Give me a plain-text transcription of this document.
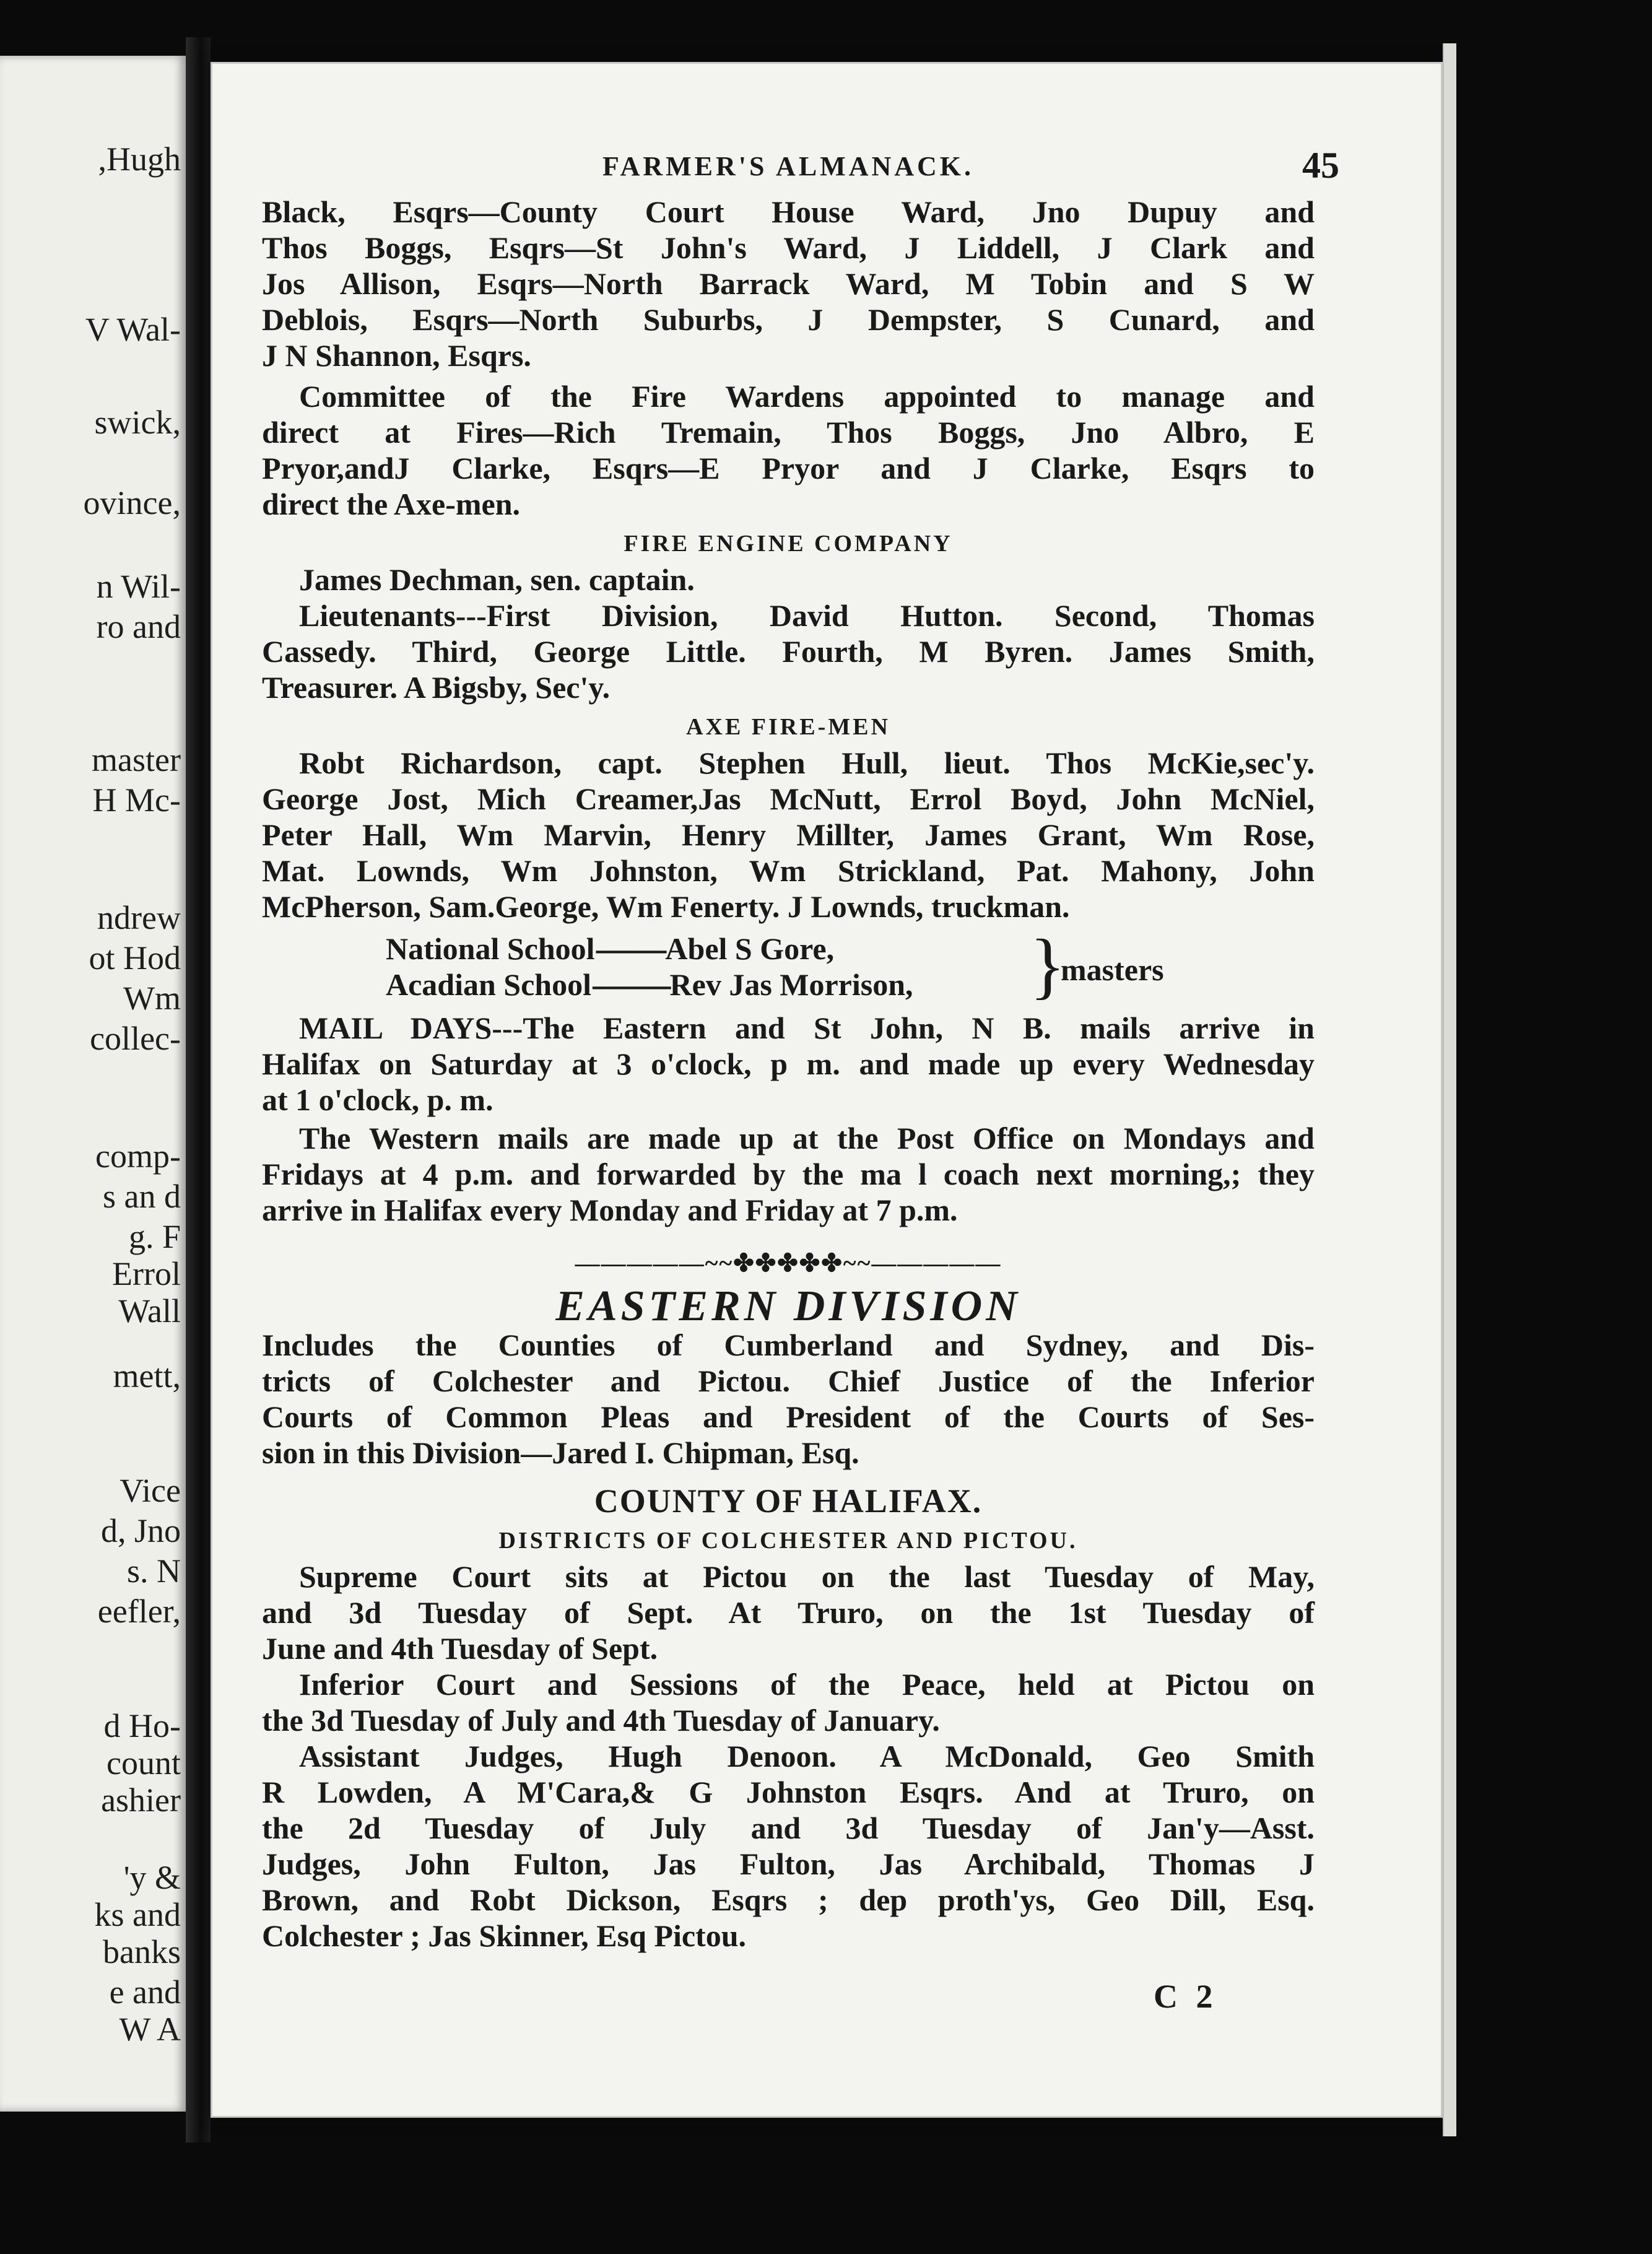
,Hugh
V Wal-
swick,
ovince,
n Wil-
ro and
master
H Mc-
ndrew
ot Hod
Wm
collec-
comp-
s an d
g. F
Errol
Wall
mett,
Vice
d, Jno
s. N
eefler,
d Ho-
count
ashier
'y &
ks and
banks
e and
W A
FARMER'S ALMANACK.	45

Black, Esqrs—County Court House Ward, Jno Dupuy and

Thos Boggs, Esqrs—St John's Ward, J Liddell, J Clark and

Jos Allison, Esqrs—North Barrack Ward, M Tobin and S W

Deblois, Esqrs—North Suburbs, J Dempster, S Cunard, and

J N Shannon, Esqrs.

Committee of the Fire Wardens appointed to manage and

direct at Fires—Rich Tremain, Thos Boggs, Jno Albro, E

Pryor,andJ Clarke, Esqrs—E Pryor and J Clarke, Esqrs to

direct the Axe-men.

FIRE ENGINE COMPANY

James Dechman, sen. captain.

Lieutenants---First Division, David Hutton. Second, Thomas

Cassedy. Third, George Little. Fourth, M Byren. James Smith,

Treasurer. A Bigsby, Sec'y.

AXE FIRE-MEN

Robt Richardson, capt. Stephen Hull, lieut. Thos McKie,sec'y.

George Jost, Mich Creamer,Jas McNutt, Errol Boyd, John McNiel,

Peter Hall, Wm Marvin, Henry Millter, James Grant, Wm Rose,

Mat. Lownds, Wm Johnston, Wm Strickland, Pat. Mahony, John

McPherson, Sam.George, Wm Fenerty. J Lownds, truckman.

National School---------Abel S Gore,
Acadian School----------Rev Jas Morrison, }
masters

MAIL DAYS---The Eastern and St John, N B. mails arrive in

Halifax on Saturday at 3 o'clock, p m. and made up every Wednesday

at 1 o'clock, p. m.

The Western mails are made up at the Post Office on Mondays and

Fridays at 4 p.m. and forwarded by the ma l coach next morning,; they

arrive in Halifax every Monday and Friday at 7 p.m.

—————~~✤✤✤✤✤~~—————

EASTERN DIVISION

Includes the Counties of Cumberland and Sydney, and Dis-

tricts of Colchester and Pictou. Chief Justice of the Inferior

Courts of Common Pleas and President of the Courts of Ses-

sion in this Division—Jared I. Chipman, Esq.

COUNTY OF HALIFAX.

DISTRICTS OF COLCHESTER AND PICTOU.

Supreme Court sits at Pictou on the last Tuesday of May,

and 3d Tuesday of Sept. At Truro, on the 1st Tuesday of

June and 4th Tuesday of Sept.

Inferior Court and Sessions of the Peace, held at Pictou on

the 3d Tuesday of July and 4th Tuesday of January.

Assistant Judges, Hugh Denoon. A McDonald, Geo Smith

R Lowden, A M'Cara,& G Johnston Esqrs. And at Truro, on

the 2d Tuesday of July and 3d Tuesday of Jan'y—Asst.

Judges, John Fulton, Jas Fulton, Jas Archibald, Thomas J

Brown, and Robt Dickson, Esqrs ; dep proth'ys, Geo Dill, Esq.

Colchester ; Jas Skinner, Esq Pictou.

C 2
